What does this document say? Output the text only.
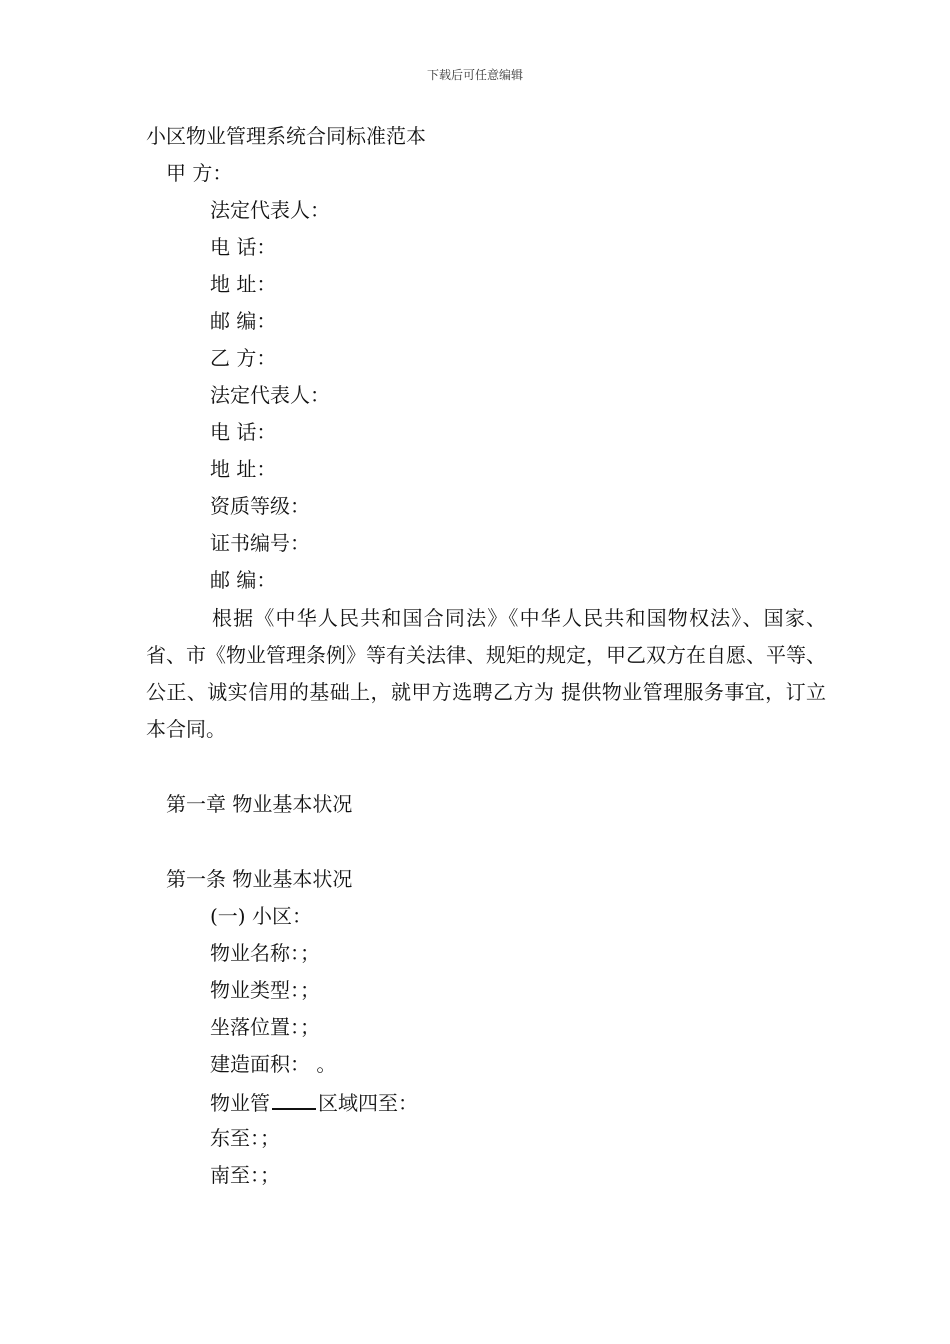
下载后可任意编辑
小区物业管理系统合同标准范本
甲 方：
法定代表人：
电 话：
地 址：
邮 编：
乙 方：
法定代表人：
电 话：
地 址：
资质等级：
证书编号：
邮 编：
根据《中华人民共和国合同法》《中华人民共和国物权法》、国家、省、市《物业管理条例》等有关法律、规矩的规定，甲乙双方在自愿、平等、公正、诚实信用的基础上，就甲方选聘乙方为 提供物业管理服务事宜，订立本合同。
第一章 物业基本状况
第一条 物业基本状况
(一) 小区：
物业名称：；
物业类型：；
坐落位置：；
建造面积： 。
物业管 区域四至：
东至：；
南至：；
